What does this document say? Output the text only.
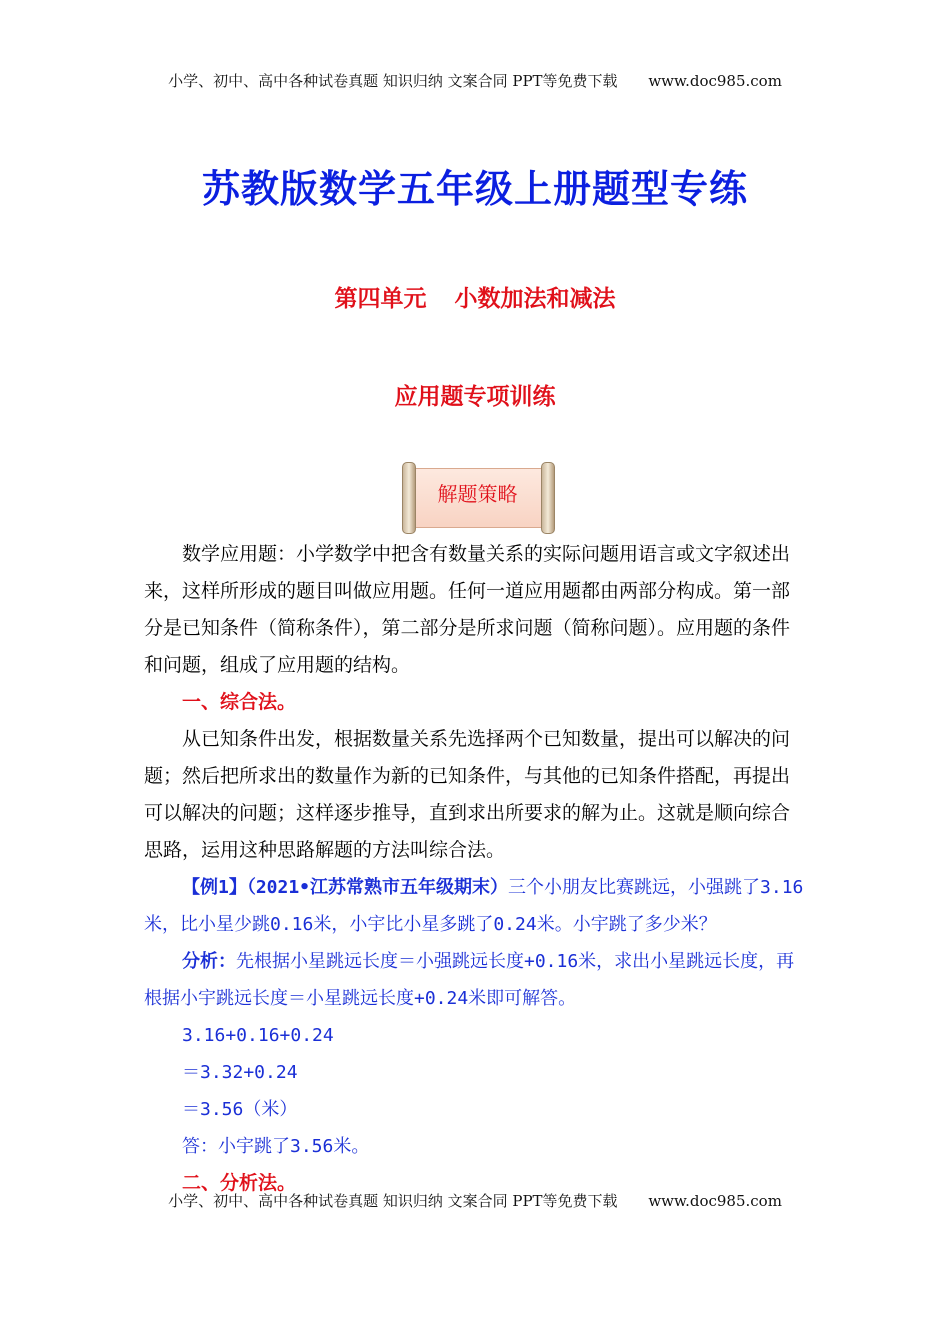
小学、初中、高中各种试卷真题 知识归纳 文案合同 PPT等免费下载 www.doc985.com
苏教版数学五年级上册题型专练
第四单元 小数加法和减法
应用题专项训练
解题策略

数学应用题：小学数学中把含有数量关系的实际问题用语言或文字叙述出来，这样所形成的题目叫做应用题。任何一道应用题都由两部分构成。第一部分是已知条件（简称条件），第二部分是所求问题（简称问题）。应用题的条件和问题，组成了应用题的结构。

一、综合法。

从已知条件出发，根据数量关系先选择两个已知数量，提出可以解决的问题；然后把所求出的数量作为新的已知条件，与其他的已知条件搭配，再提出可以解决的问题；这样逐步推导，直到求出所要求的解为止。这就是顺向综合思路，运用这种思路解题的方法叫综合法。

【例1】（2021•江苏常熟市五年级期末）三个小朋友比赛跳远，小强跳了3.16米，比小星少跳0.16米，小宇比小星多跳了0.24米。小宇跳了多少米？

分析：先根据小星跳远长度＝小强跳远长度+0.16米，求出小星跳远长度，再根据小宇跳远长度＝小星跳远长度+0.24米即可解答。

3.16+0.16+0.24

＝3.32+0.24

＝3.56（米）

答：小宇跳了3.56米。

二、分析法。

小学、初中、高中各种试卷真题 知识归纳 文案合同 PPT等免费下载 www.doc985.com
